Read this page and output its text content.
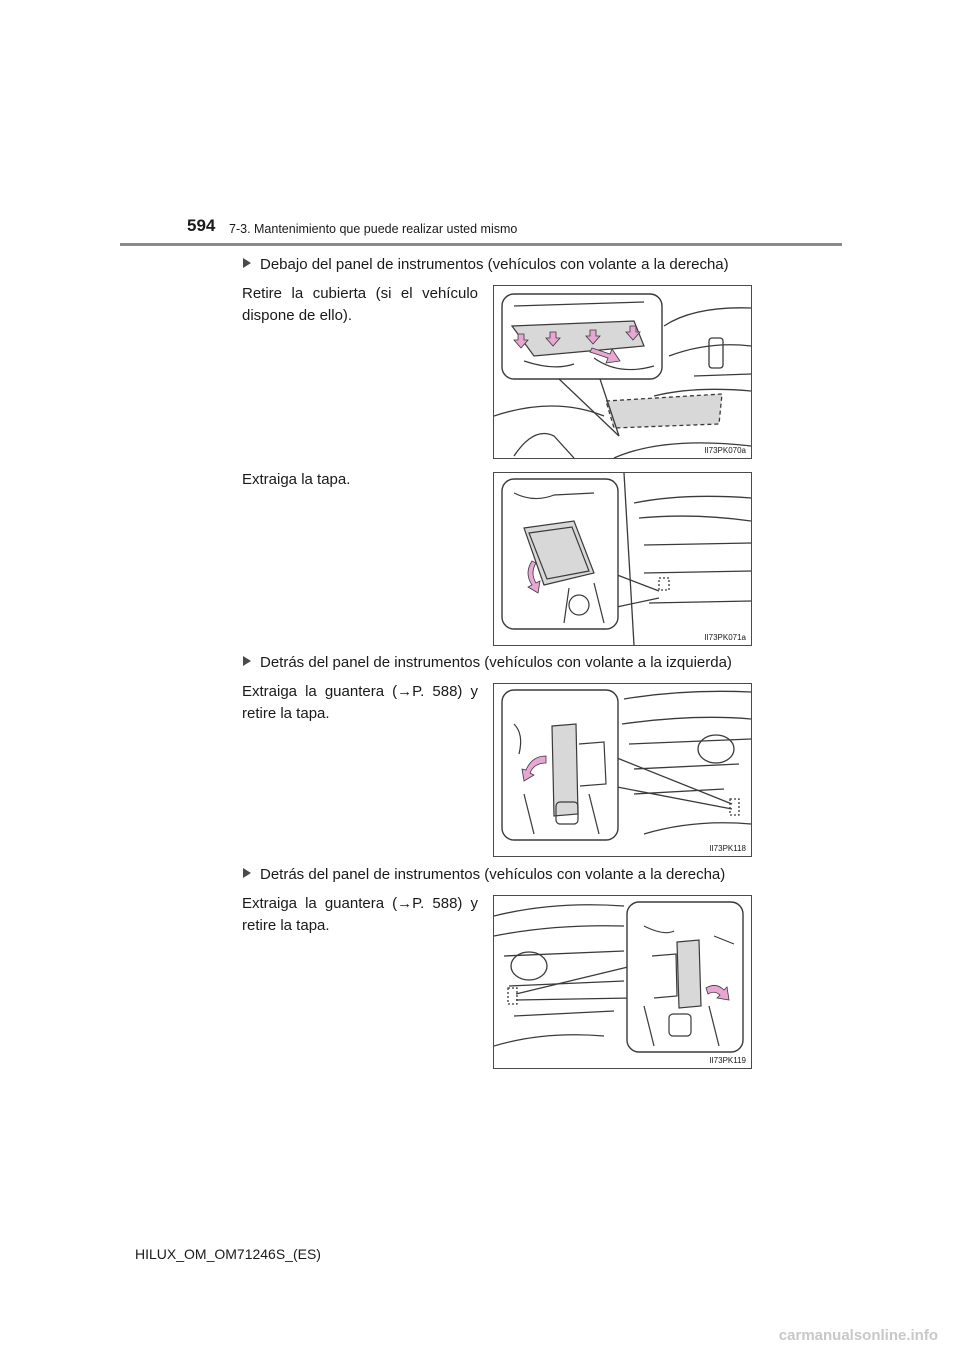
594 7-3. Mantenimiento que puede realizar usted mismo
Debajo del panel de instrumentos (vehículos con volante a la derecha)
Retire la cubierta (si el vehículo dispone de ello).
II73PK070a
Extraiga la tapa.
II73PK071a
Detrás del panel de instrumentos (vehículos con volante a la izquierda)
Extraiga la guantera (→P. 588) y retire la tapa.
II73PK118
Detrás del panel de instrumentos (vehículos con volante a la derecha)
Extraiga la guantera (→P. 588) y retire la tapa.
II73PK119
HILUX_OM_OM71246S_(ES)
carmanualsonline.info
